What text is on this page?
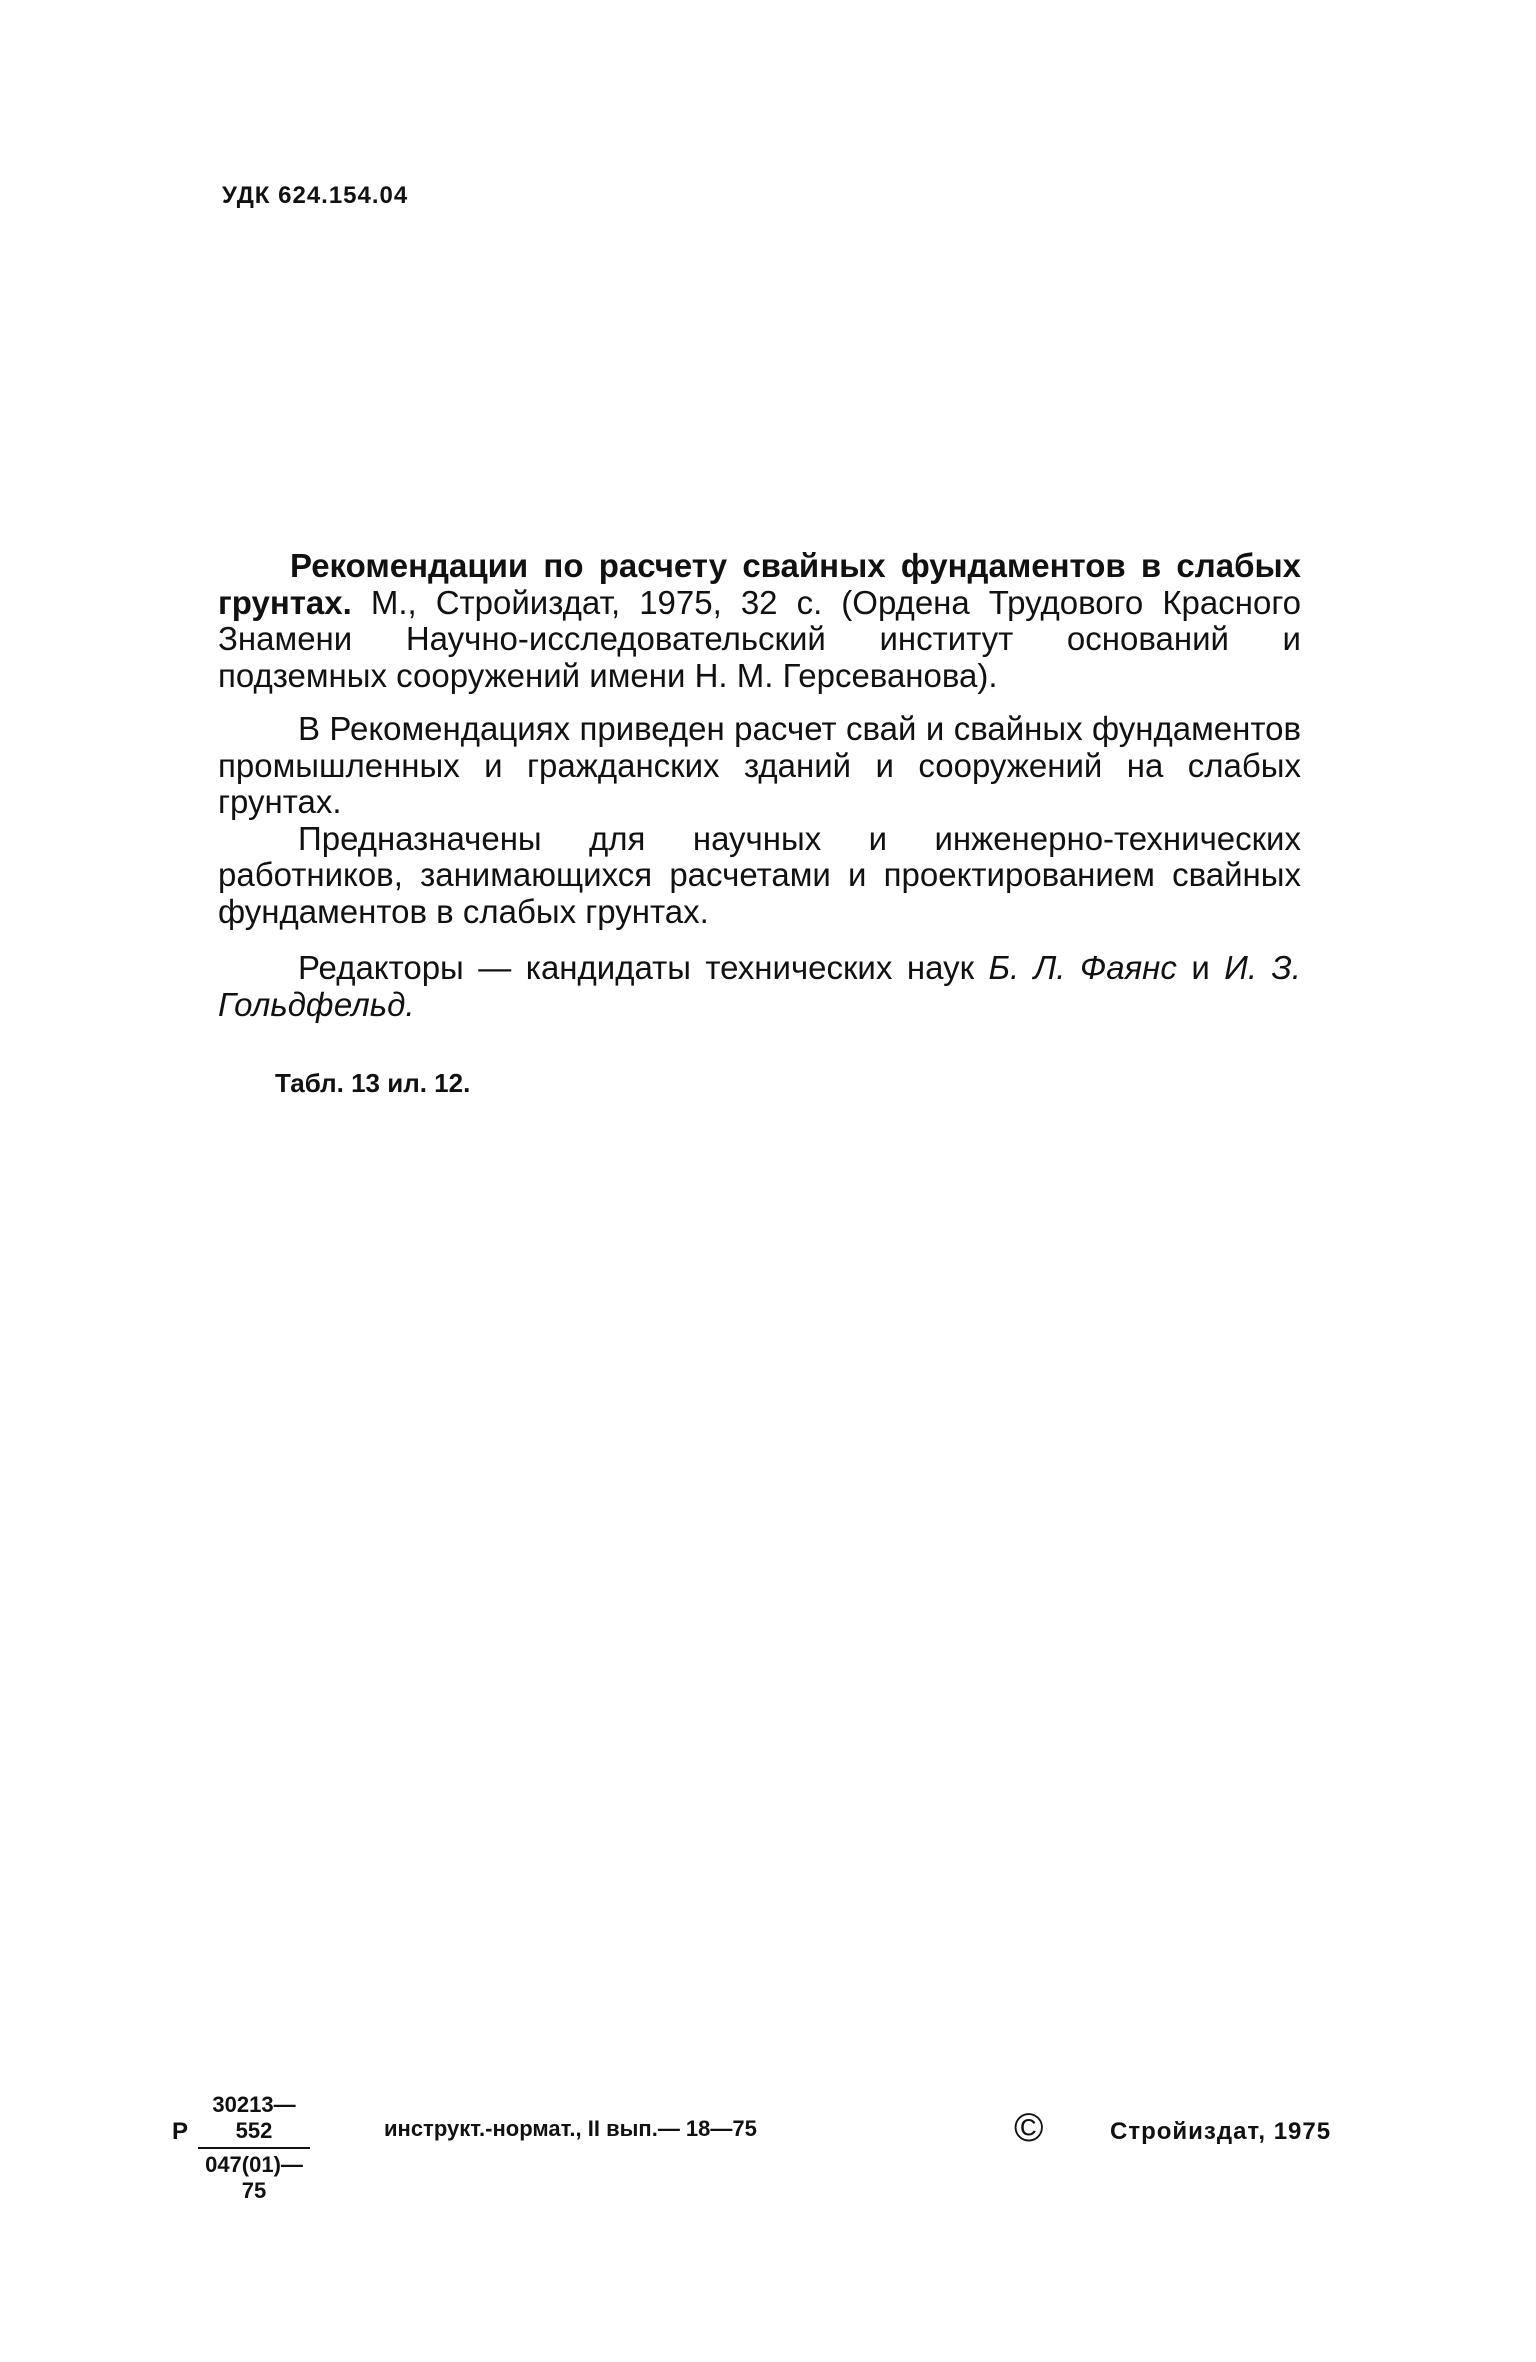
УДК 624.154.04

Рекомендации по расчету свайных фундаментов в слабых грунтах. М., Стройиздат, 1975, 32 с. (Ордена Трудового Красного Знамени Научно-исследовательский институт оснований и подземных сооружений имени Н. М. Герсеванова).

В Рекомендациях приведен расчет свай и свайных фундаментов промышленных и гражданских зданий и сооружений на слабых грунтах.

Предназначены для научных и инженерно-технических работников, занимающихся расчетами и проектированием свайных фундаментов в слабых грунтах.

Редакторы — кандидаты технических наук Б. Л. Фаянс и И. З. Гольдфельд.

Табл. 13 ил. 12.
Р $\frac{30213—552}{047(01)—75}$	инструкт.-нормат., II вып.— 18—75	©	Стройиздат, 1975
